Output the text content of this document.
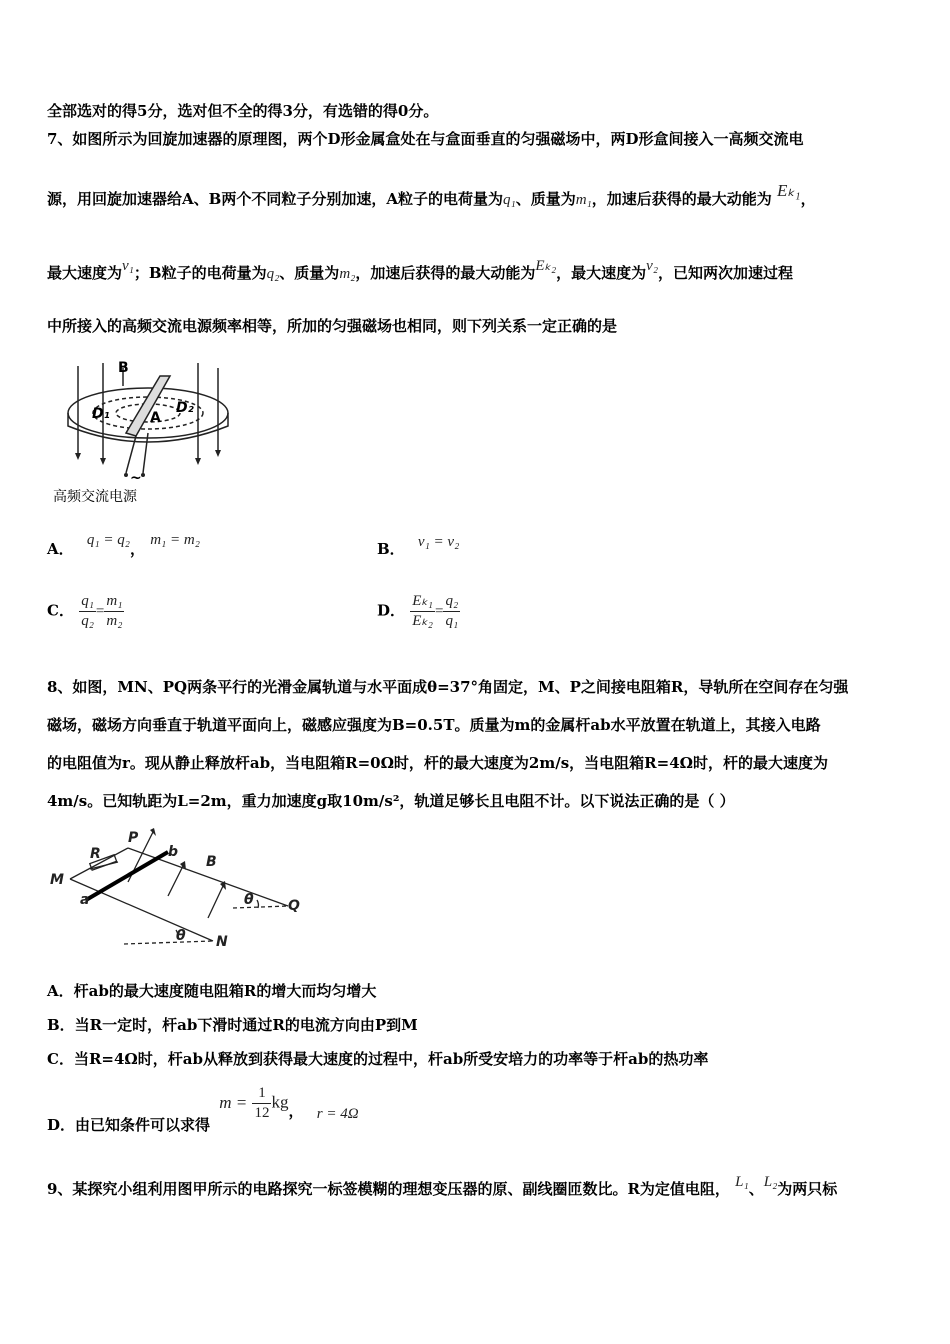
全部选对的得5分，选对但不全的得3分，有选错的得0分。
7、如图所示为回旋加速器的原理图，两个D形金属盒处在与盒面垂直的匀强磁场中，两D形盒间接入一高频交流电
源，用回旋加速器给A、B两个不同粒子分别加速，A粒子的电荷量为q₁、质量为m₁，加速后获得的最大动能为 Eₖ₁，
最大速度为v₁；B粒子的电荷量为q₂、质量为m₂，加速后获得的最大动能为Eₖ₂，最大速度为v₂，已知两次加速过程
中所接入的高频交流电源频率相等，所加的匀强磁场也相同，则下列关系一定正确的是
B
D₁	D₂
A
~
高频交流电源
A． q₁ = q₂， m₁ = m₂	B． v₁ = v₂
C． $\frac{\text{q₁}}{\text{q₂}} = \frac{\text{m₁}}{\text{m₂}}$	D． $\frac{\text{Eₖ₁}}{\text{Eₖ₂}} = \frac{\text{q₂}}{\text{q₁}}$
8、如图，MN、PQ两条平行的光滑金属轨道与水平面成θ=37°角固定，M、P之间接电阻箱R，导轨所在空间存在匀强
磁场，磁场方向垂直于轨道平面向上，磁感应强度为B=0.5T。质量为m的金属杆ab水平放置在轨道上，其接入电路
的电阻值为r。现从静止释放杆ab，当电阻箱R=0Ω时，杆的最大速度为2m/s，当电阻箱R=4Ω时，杆的最大速度为
4m/s。已知轨距为L=2m，重力加速度g取10m/s²，轨道足够长且电阻不计。以下说法正确的是（ ）
P
R	b
B
M
a	Q
θ
θ N
A．杆ab的最大速度随电阻箱R的增大而均匀增大
B．当R一定时，杆ab下滑时通过R的电流方向由P到M
C．当R=4Ω时，杆ab从释放到获得最大速度的过程中，杆ab所受安培力的功率等于杆ab的热功率
D．由已知条件可以求得 $m = \frac{1}{12}$ kg， r = 4Ω
9、某探究小组利用图甲所示的电路探究一标签模糊的理想变压器的原、副线圈匝数比。R为定值电阻， L₁、L₂为两只标
